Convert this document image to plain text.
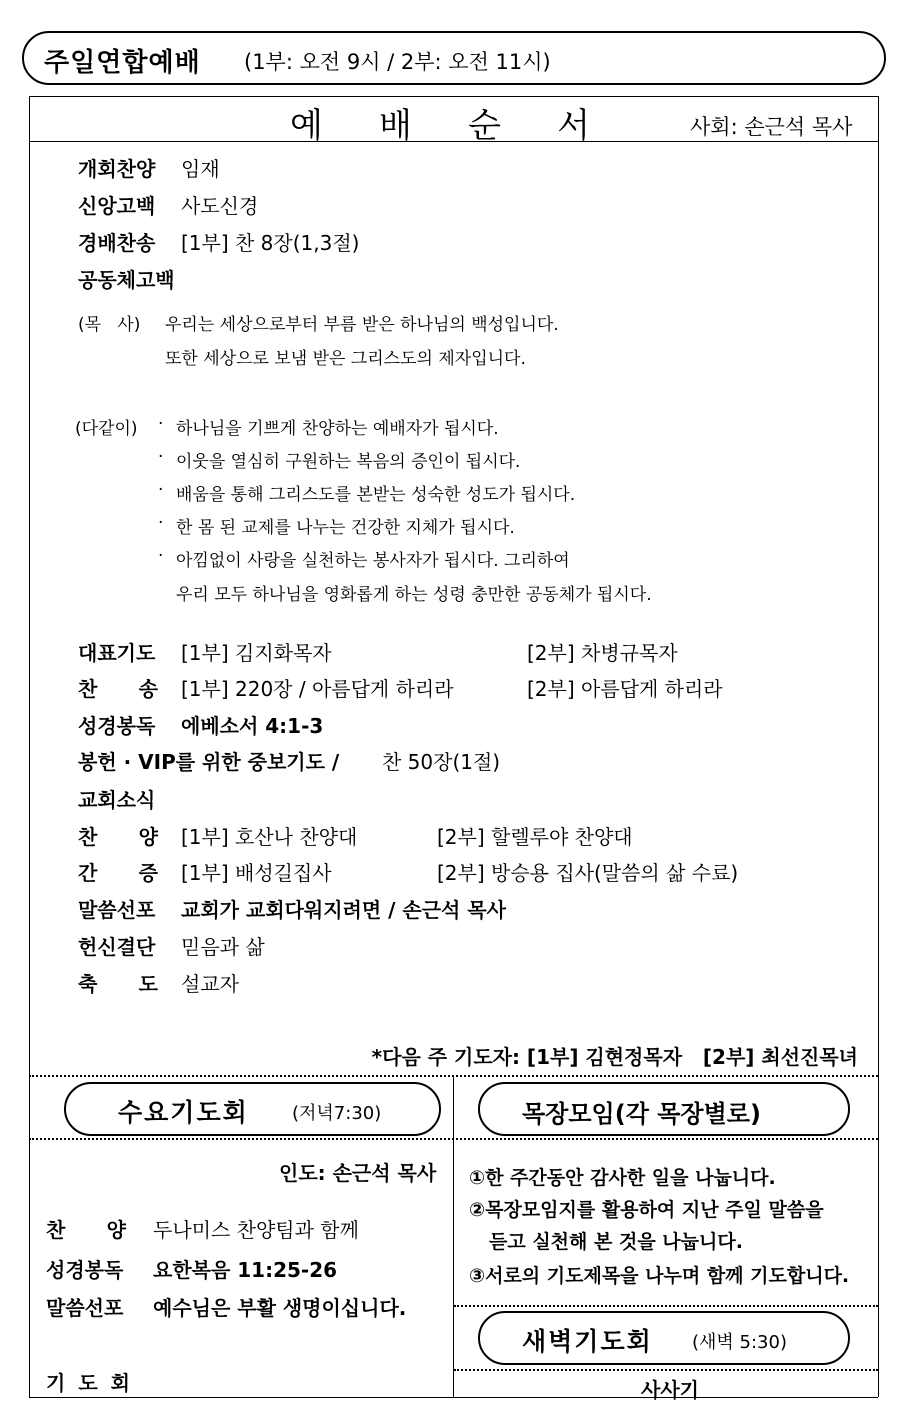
주일연합예배 (1부: 오전 9시 / 2부: 오전 11시)
예 배 순 서	사회: 손근석 목사
개회찬양 임재
신앙고백 사도신경
경배찬송 [1부] 찬 8장(1,3절)
공동체고백
(목   사) 우리는 세상으로부터 부름 받은 하나님의 백성입니다.
또한 세상으로 보냄 받은 그리스도의 제자입니다.
(다같이) · 하나님을 기쁘게 찬양하는 예배자가 됩시다.
· 이웃을 열심히 구원하는 복음의 증인이 됩시다.
· 배움을 통해 그리스도를 본받는 성숙한 성도가 됩시다.
· 한 몸 된 교제를 나누는 건강한 지체가 됩시다.
· 아낌없이 사랑을 실천하는 봉사자가 됩시다. 그리하여
우리 모두 하나님을 영화롭게 하는 성령 충만한 공동체가 됩시다.
대표기도 [1부] 김지화목자	[2부] 차병규목자
찬 송 [1부] 220장 / 아름답게 하리라	[2부] 아름답게 하리라
성경봉독 에베소서 4:1-3
봉헌 · VIP를 위한 중보기도 / 찬 50장(1절)
교회소식
찬 양 [1부] 호산나 찬양대	[2부] 할렐루야 찬양대
간 증 [1부] 배성길집사	[2부] 방승용 집사(말씀의 삶 수료)
말씀선포 교회가 교회다워지려면 / 손근석 목사
헌신결단 믿음과 삶
축 도 설교자
*다음 주 기도자: [1부] 김현정목자   [2부] 최선진목녀
수요기도회 (저녁7:30)
인도: 손근석 목사
찬 양 두나미스 찬양팀과 함께
성경봉독 요한복음 11:25-26
말씀선포 예수님은 부활 생명이십니다.
기 도 회
목장모임(각 목장별로)
①한 주간동안 감사한 일을 나눕니다.
②목장모임지를 활용하여 지난 주일 말씀을
듣고 실천해 본 것을 나눕니다.
③서로의 기도제목을 나누며 함께 기도합니다.
새벽기도회 (새벽 5:30)
사사기
